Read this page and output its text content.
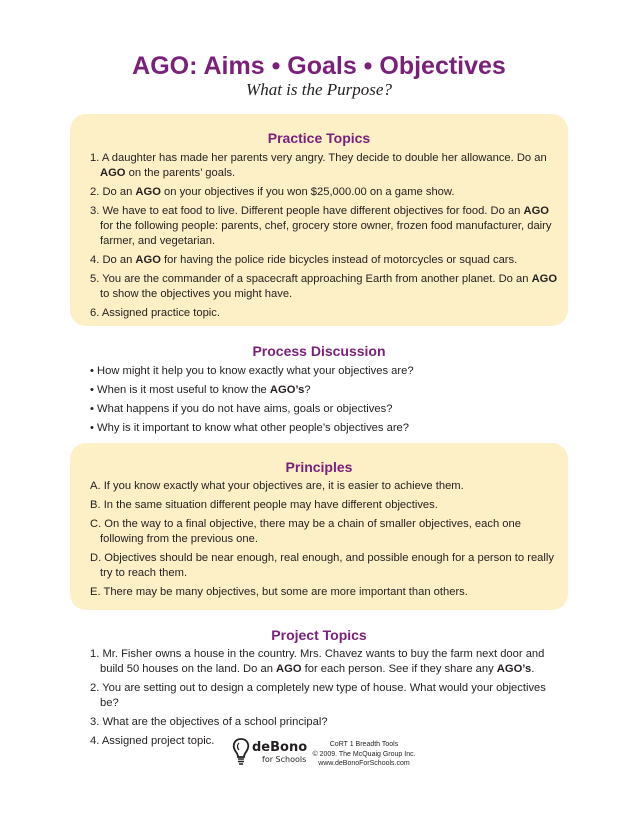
AGO: Aims • Goals • Objectives
What is the Purpose?
Practice Topics
1. A daughter has made her parents very angry. They decide to double her allowance. Do an AGO on the parents’ goals.
2. Do an AGO on your objectives if you won $25,000.00 on a game show.
3. We have to eat food to live. Different people have different objectives for food. Do an AGO for the following people: parents, chef, grocery store owner, frozen food manufacturer, dairy farmer, and vegetarian.
4. Do an AGO for having the police ride bicycles instead of motorcycles or squad cars.
5. You are the commander of a spacecraft approaching Earth from another planet. Do an AGO to show the objectives you might have.
6. Assigned practice topic.
Process Discussion
• How might it help you to know exactly what your objectives are?
• When is it most useful to know the AGO’s?
• What happens if you do not have aims, goals or objectives?
• Why is it important to know what other people’s objectives are?
Principles
A. If you know exactly what your objectives are, it is easier to achieve them.
B. In the same situation different people may have different objectives.
C. On the way to a final objective, there may be a chain of smaller objectives, each one following from the previous one.
D. Objectives should be near enough, real enough, and possible enough for a person to really try to reach them.
E. There may be many objectives, but some are more important than others.
Project Topics
1. Mr. Fisher owns a house in the country. Mrs. Chavez wants to buy the farm next door and build 50 houses on the land. Do an AGO for each person. See if they share any AGO’s.
2. You are setting out to design a completely new type of house. What would your objectives be?
3. What are the objectives of a school principal?
4. Assigned project topic.	deBono
for Schools
CoRT 1 Breadth Tools
© 2009. The McQuaig Group Inc.
www.deBonoForSchools.com
